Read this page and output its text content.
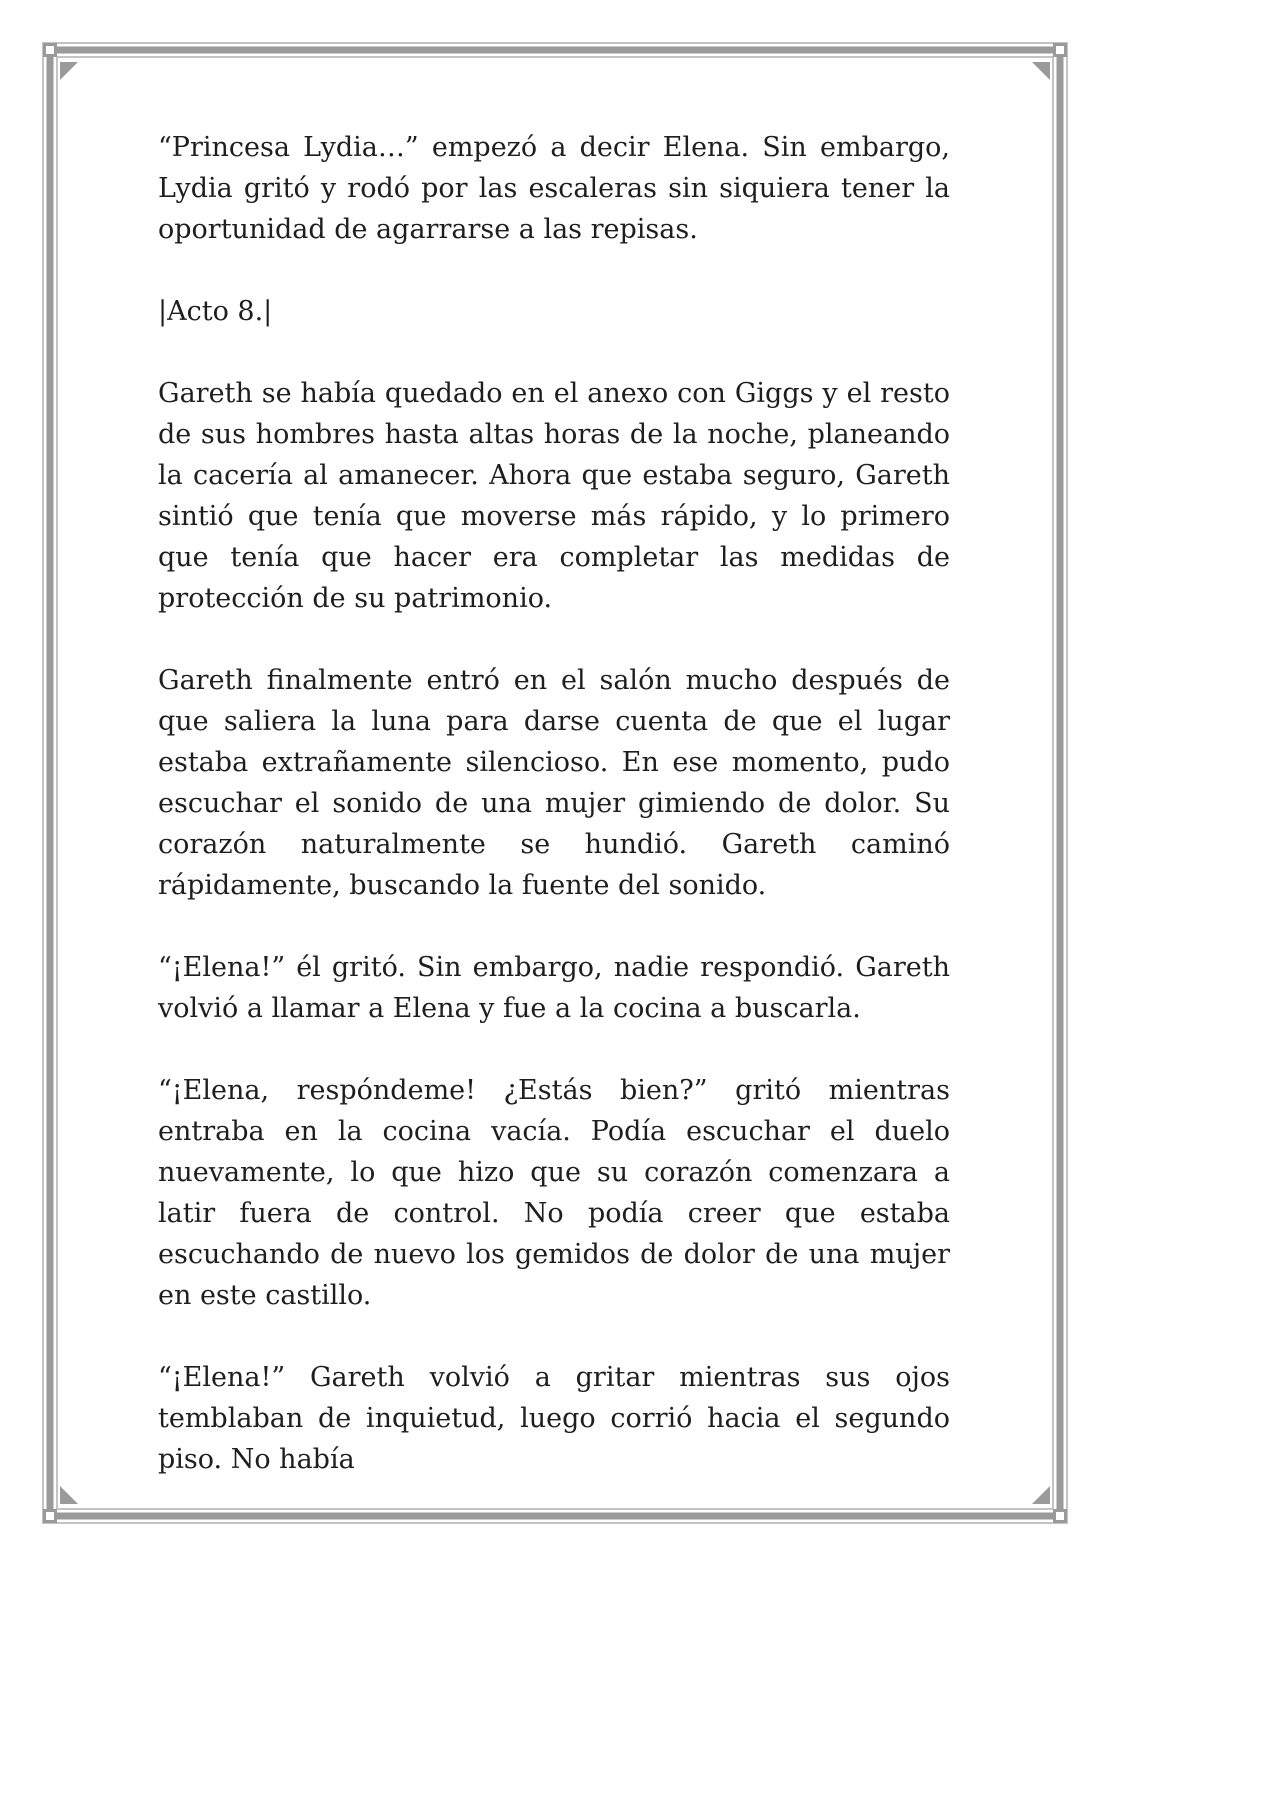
“Princesa Lydia…” empezó a decir Elena. Sin embargo, Lydia gritó y rodó por las escaleras sin siquiera tener la oportunidad de agarrarse a las repisas.

|Acto 8.|

Gareth se había quedado en el anexo con Giggs y el resto de sus hombres hasta altas horas de la noche, planeando la cacería al amanecer. Ahora que estaba seguro, Gareth sintió que tenía que moverse más rápido, y lo primero que tenía que hacer era completar las medidas de protección de su patrimonio.

Gareth finalmente entró en el salón mucho después de que saliera la luna para darse cuenta de que el lugar estaba extrañamente silencioso. En ese momento, pudo escuchar el sonido de una mujer gimiendo de dolor. Su corazón naturalmente se hundió. Gareth caminó rápidamente, buscando la fuente del sonido.

“¡Elena!” él gritó. Sin embargo, nadie respondió. Gareth volvió a llamar a Elena y fue a la cocina a buscarla.

“¡Elena, respóndeme! ¿Estás bien?” gritó mientras entraba en la cocina vacía. Podía escuchar el duelo nuevamente, lo que hizo que su corazón comenzara a latir fuera de control. No podía creer que estaba escuchando de nuevo los gemidos de dolor de una mujer en este castillo.

“¡Elena!” Gareth volvió a gritar mientras sus ojos temblaban de inquietud, luego corrió hacia el segundo piso. No había
